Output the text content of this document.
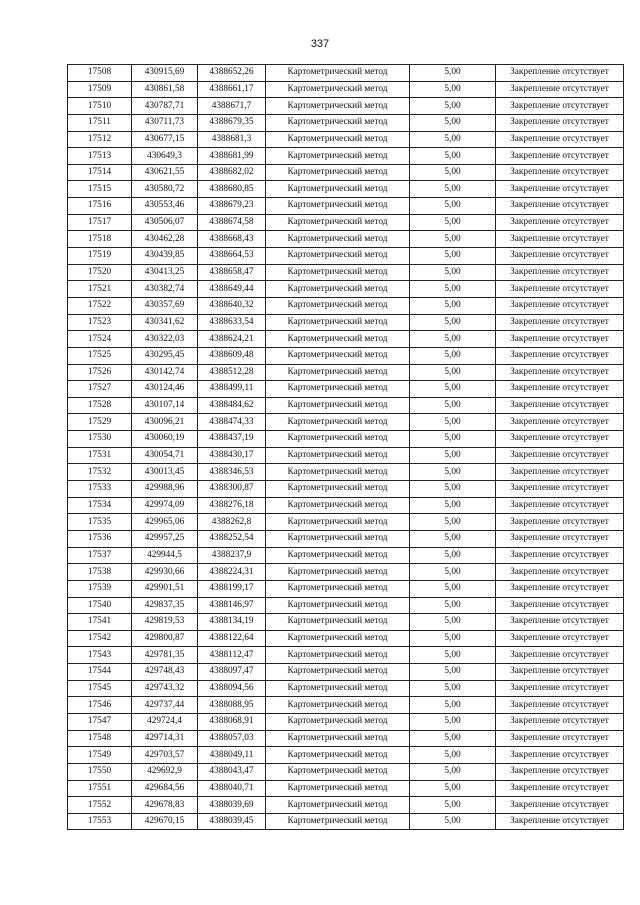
337
17508	430915,69	4388652,26	Картометрический метод	5,00	Закрепление отсутствует
17509	430861,58	4388661,17	Картометрический метод	5,00	Закрепление отсутствует
17510	430787,71	4388671,7	Картометрический метод	5,00	Закрепление отсутствует
17511	430711,73	4388679,35	Картометрический метод	5,00	Закрепление отсутствует
17512	430677,15	4388681,3	Картометрический метод	5,00	Закрепление отсутствует
17513	430649,3	4388681,99	Картометрический метод	5,00	Закрепление отсутствует
17514	430621,55	4388682,02	Картометрический метод	5,00	Закрепление отсутствует
17515	430580,72	4388680,85	Картометрический метод	5,00	Закрепление отсутствует
17516	430553,46	4388679,23	Картометрический метод	5,00	Закрепление отсутствует
17517	430506,07	4388674,58	Картометрический метод	5,00	Закрепление отсутствует
17518	430462,28	4388668,43	Картометрический метод	5,00	Закрепление отсутствует
17519	430439,85	4388664,53	Картометрический метод	5,00	Закрепление отсутствует
17520	430413,25	4388658,47	Картометрический метод	5,00	Закрепление отсутствует
17521	430382,74	4388649,44	Картометрический метод	5,00	Закрепление отсутствует
17522	430357,69	4388640,32	Картометрический метод	5,00	Закрепление отсутствует
17523	430341,62	4388633,54	Картометрический метод	5,00	Закрепление отсутствует
17524	430322,03	4388624,21	Картометрический метод	5,00	Закрепление отсутствует
17525	430295,45	4388609,48	Картометрический метод	5,00	Закрепление отсутствует
17526	430142,74	4388512,28	Картометрический метод	5,00	Закрепление отсутствует
17527	430124,46	4388499,11	Картометрический метод	5,00	Закрепление отсутствует
17528	430107,14	4388484,62	Картометрический метод	5,00	Закрепление отсутствует
17529	430096,21	4388474,33	Картометрический метод	5,00	Закрепление отсутствует
17530	430060,19	4388437,19	Картометрический метод	5,00	Закрепление отсутствует
17531	430054,71	4388430,17	Картометрический метод	5,00	Закрепление отсутствует
17532	430013,45	4388346,53	Картометрический метод	5,00	Закрепление отсутствует
17533	429988,96	4388300,87	Картометрический метод	5,00	Закрепление отсутствует
17534	429974,09	4388276,18	Картометрический метод	5,00	Закрепление отсутствует
17535	429965,06	4388262,8	Картометрический метод	5,00	Закрепление отсутствует
17536	429957,25	4388252,54	Картометрический метод	5,00	Закрепление отсутствует
17537	429944,5	4388237,9	Картометрический метод	5,00	Закрепление отсутствует
17538	429930,66	4388224,31	Картометрический метод	5,00	Закрепление отсутствует
17539	429901,51	4388199,17	Картометрический метод	5,00	Закрепление отсутствует
17540	429837,35	4388146,97	Картометрический метод	5,00	Закрепление отсутствует
17541	429819,53	4388134,19	Картометрический метод	5,00	Закрепление отсутствует
17542	429800,87	4388122,64	Картометрический метод	5,00	Закрепление отсутствует
17543	429781,35	4388112,47	Картометрический метод	5,00	Закрепление отсутствует
17544	429748,43	4388097,47	Картометрический метод	5,00	Закрепление отсутствует
17545	429743,32	4388094,56	Картометрический метод	5,00	Закрепление отсутствует
17546	429737,44	4388088,95	Картометрический метод	5,00	Закрепление отсутствует
17547	429724,4	4388068,91	Картометрический метод	5,00	Закрепление отсутствует
17548	429714,31	4388057,03	Картометрический метод	5,00	Закрепление отсутствует
17549	429703,57	4388049,11	Картометрический метод	5,00	Закрепление отсутствует
17550	429692,9	4388043,47	Картометрический метод	5,00	Закрепление отсутствует
17551	429684,56	4388040,71	Картометрический метод	5,00	Закрепление отсутствует
17552	429678,83	4388039,69	Картометрический метод	5,00	Закрепление отсутствует
17553	429670,15	4388039,45	Картометрический метод	5,00	Закрепление отсутствует
